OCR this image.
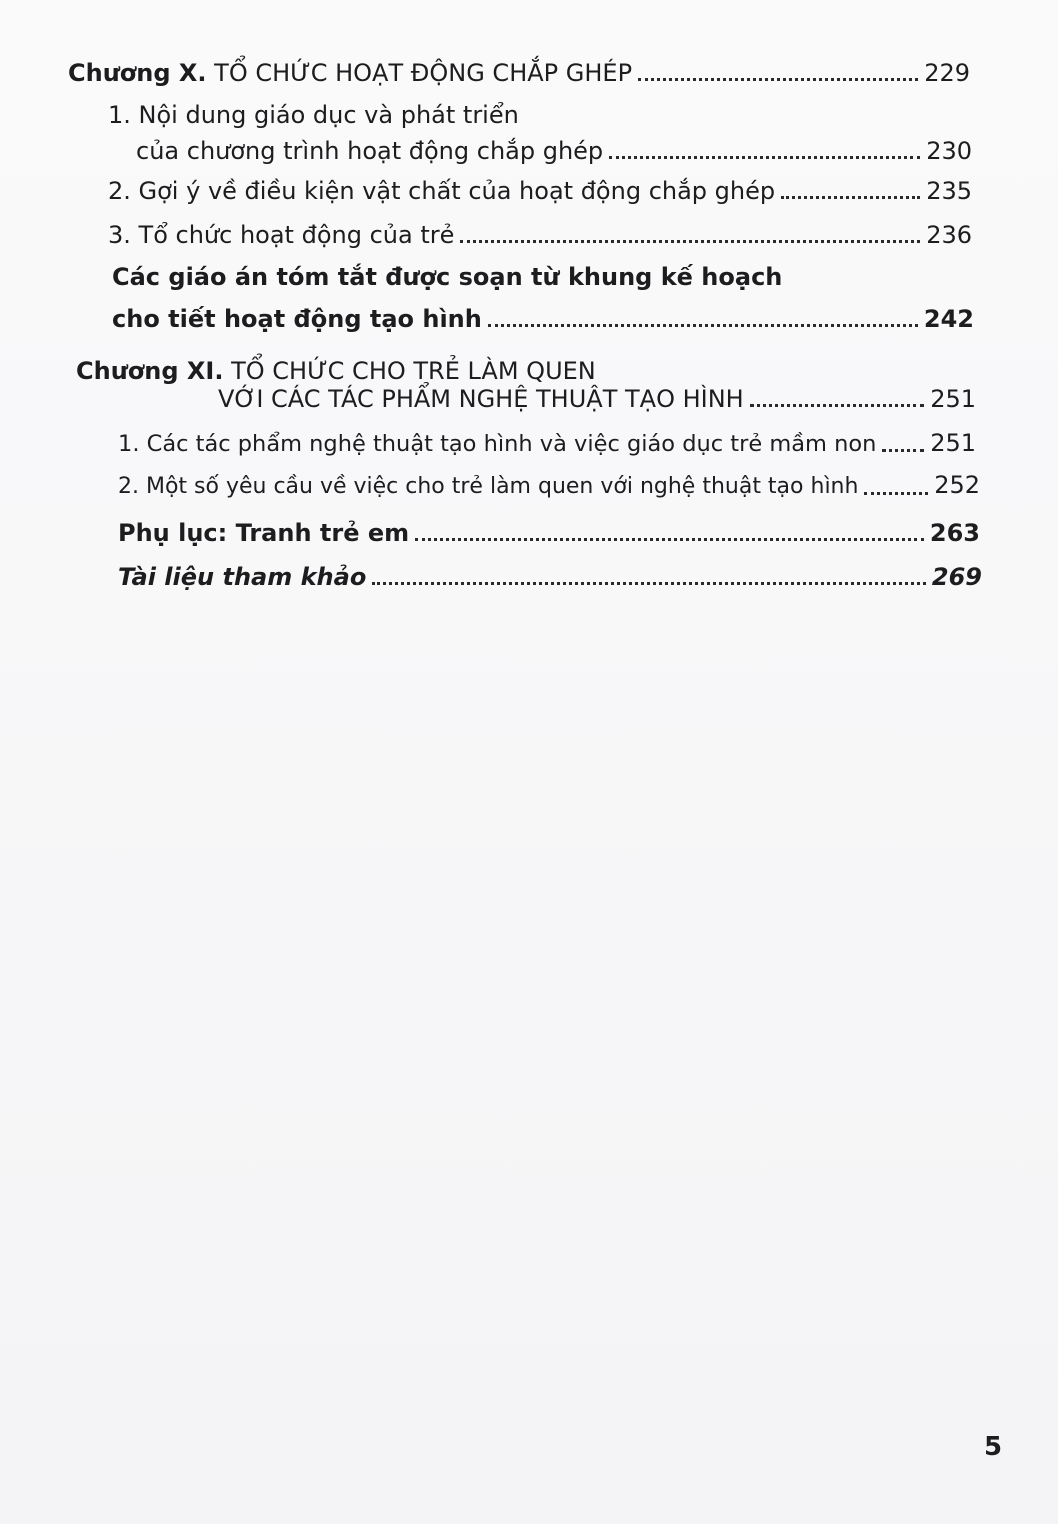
Chương X. TỔ CHỨC HOẠT ĐỘNG CHẮP GHÉP	229
1. Nội dung giáo dục và phát triển
của chương trình hoạt động chắp ghép	230
2. Gợi ý về điều kiện vật chất của hoạt động chắp ghép	235
3. Tổ chức hoạt động của trẻ	236
Các giáo án tóm tắt được soạn từ khung kế hoạch
cho tiết hoạt động tạo hình	242
Chương XI. TỔ CHỨC CHO TRẺ LÀM QUEN
VỚI CÁC TÁC PHẨM NGHỆ THUẬT TẠO HÌNH	251
1. Các tác phẩm nghệ thuật tạo hình và việc giáo dục trẻ mầm non 251
2. Một số yêu cầu về việc cho trẻ làm quen với nghệ thuật tạo hình	252
Phụ lục: Tranh trẻ em	263
Tài liệu tham khảo	269
5
